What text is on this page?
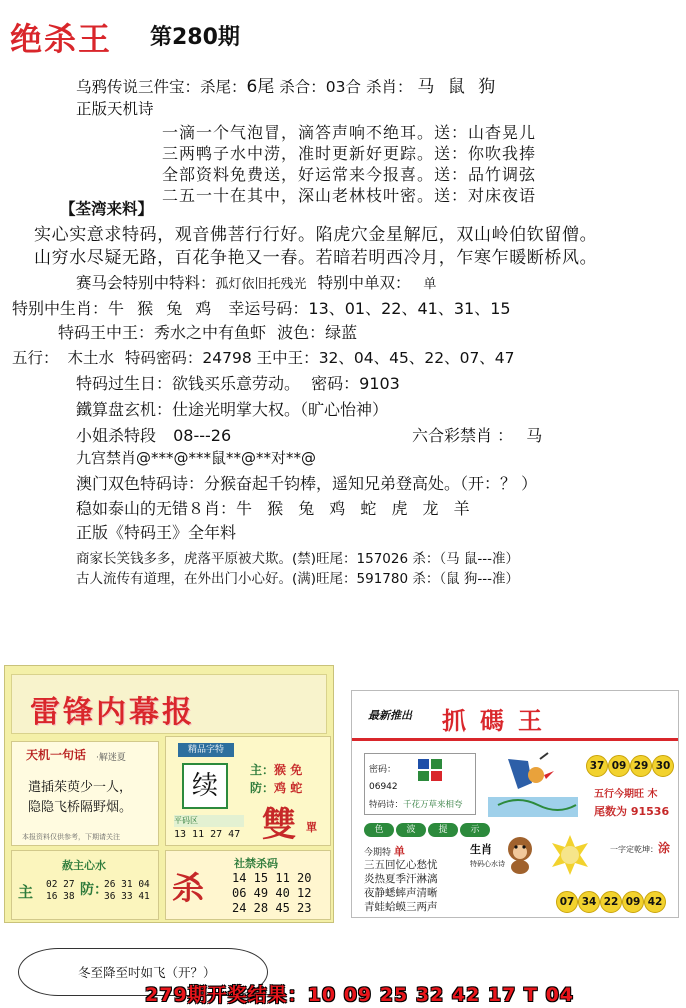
绝杀王 第280期
乌鸦传说三件宝：杀尾：6尾 杀合：03合 杀肖： 马 鼠 狗
正版天机诗
一滴一个气泡冒，滴答声响不绝耳。送：山杳晃儿
三两鸭子水中涝，准时更新好更踪。送：你吹我捧
全部资料免费送，好运常来今报喜。送：品竹调弦
二五一十在其中，深山老林枝叶密。送：对床夜语
【荃湾来料】
实心实意求特码，观音佛菩行行好。陷虎穴金星解厄，双山岭伯钦留僧。
山穷水尽疑无路，百花争艳又一春。若暗若明西冷月，乍寒乍暖断桥风。
赛马会特别中特料：孤灯依旧托残光 特别中单双： 单
特别中生肖：牛 猴 兔 鸡 幸运号码：13、01、22、41、31、15
特码王中王：秀水之中有鱼虾 波色：绿蓝
五行： 木土水 特码密码：24798 王中王：32、04、45、22、07、47
特码过生日：欲钱买乐意劳动。 密码：9103
鐵算盘玄机：仕途光明掌大权。（旷心怡神）
小姐杀特段 08---26	六合彩禁肖 ： 马
九宫禁肖@***@***鼠**@**对**@
澳门双色特码诗：分猴奋起千钧棒，遥知兄弟登高处。（开：？ ）
稳如泰山的无错８肖：牛 猴 兔 鸡 蛇 虎 龙 羊
正版《特码王》全年料
商家长笑钱多多，虎落平原被犬欺。(禁)旺尾：157026 杀：（马 鼠---准）
古人流传有道理，在外出门小心好。(满)旺尾：591780 杀：（鼠 狗---准）
雷锋内幕报
天机一句话 ·解迷夏
遣插茱萸少一人，
隐隐飞桥隔野烟。
本报资料仅供参考，下期请关注
精品字特
续
主：猴 免
防：鸡 蛇
平码区
13 11 27 47 雙 單
赦主心水
主 02 27
16 38 防：
26 31 04
36 33 41 杀
社禁杀码
14 15 11 20
06 49 40 12
24 28 45 23
最新推出 抓碼王
密码：
06942
特码诗：千花万草来相夸
37 09 29 30
五行今期旺 木
尾数为 91536
色	波	提	示
今期特 单
三五回忆心愁忧
炎热夏季汗淋漓
夜静蟋蟀声清晰
青蛙蛤蟆三两声
生肖
特码心水诗
一字定乾坤：涂
07 34 22 09 42
冬至降至吋如飞（开？）
279期开奖结果：10 09 25 32 42 17 T 04
